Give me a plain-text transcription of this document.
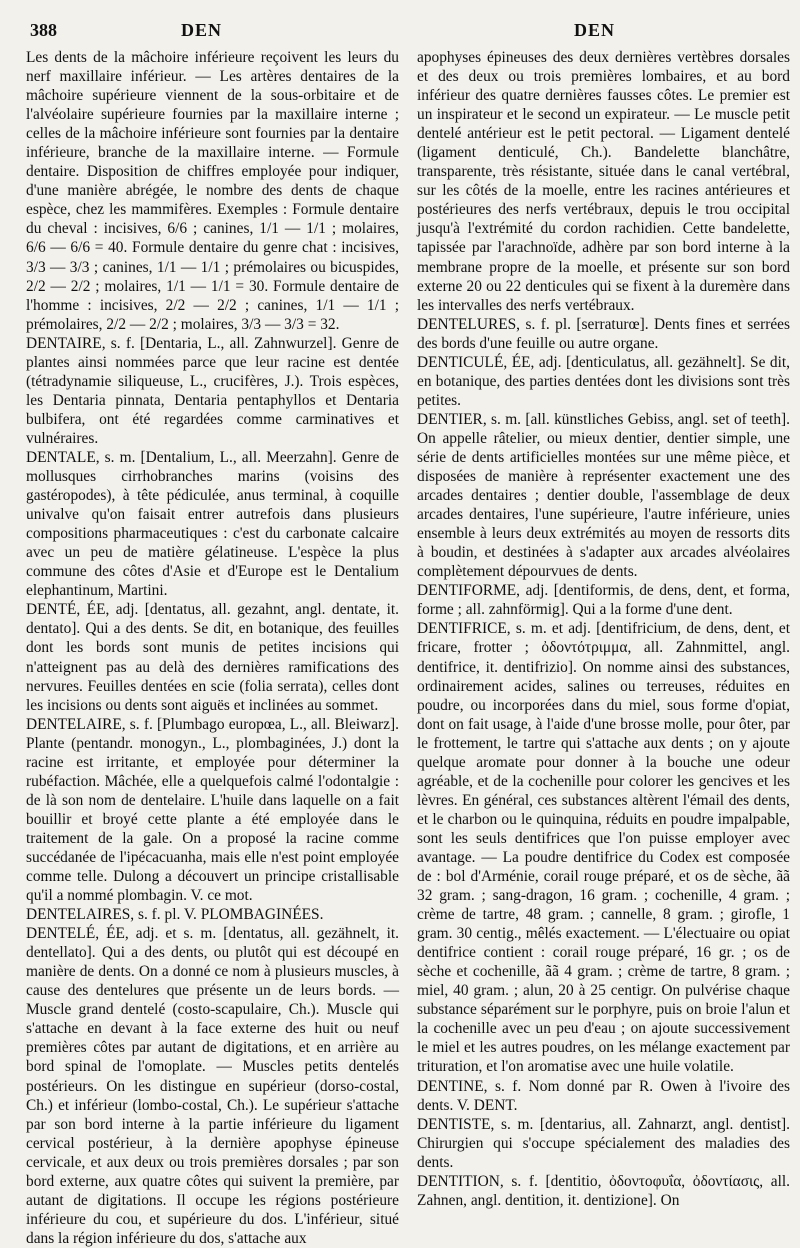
388	DEN	DEN

Les dents de la mâchoire inférieure reçoivent les leurs du nerf maxillaire inférieur. — Les artères dentaires de la mâchoire supérieure viennent de la sous-orbitaire et de l'alvéolaire supérieure fournies par la maxillaire interne ; celles de la mâchoire inférieure sont fournies par la dentaire inférieure, branche de la maxillaire interne. — Formule dentaire. Disposition de chiffres employée pour indiquer, d'une manière abrégée, le nombre des dents de chaque espèce, chez les mammifères. Exemples : Formule dentaire du cheval : incisives, 6/6 ; canines, 1/1 — 1/1 ; molaires, 6/6 — 6/6 = 40. Formule dentaire du genre chat : incisives, 3/3 — 3/3 ; canines, 1/1 — 1/1 ; prémolaires ou bicuspides, 2/2 — 2/2 ; molaires, 1/1 — 1/1 = 30. Formule dentaire de l'homme : incisives, 2/2 — 2/2 ; canines, 1/1 — 1/1 ; prémolaires, 2/2 — 2/2 ; molaires, 3/3 — 3/3 = 32.

DENTAIRE, s. f. [Dentaria, L., all. Zahnwurzel]. Genre de plantes ainsi nommées parce que leur racine est dentée (tétradynamie siliqueuse, L., crucifères, J.). Trois espèces, les Dentaria pinnata, Dentaria pentaphyllos et Dentaria bulbifera, ont été regardées comme carminatives et vulnéraires.

DENTALE, s. m. [Dentalium, L., all. Meerzahn]. Genre de mollusques cirrhobranches marins (voisins des gastéropodes), à tête pédiculée, anus terminal, à coquille univalve qu'on faisait entrer autrefois dans plusieurs compositions pharmaceutiques : c'est du carbonate calcaire avec un peu de matière gélatineuse. L'espèce la plus commune des côtes d'Asie et d'Europe est le Dentalium elephantinum, Martini.

DENTÉ, ÉE, adj. [dentatus, all. gezahnt, angl. dentate, it. dentato]. Qui a des dents. Se dit, en botanique, des feuilles dont les bords sont munis de petites incisions qui n'atteignent pas au delà des dernières ramifications des nervures. Feuilles dentées en scie (folia serrata), celles dont les incisions ou dents sont aiguës et inclinées au sommet.

DENTELAIRE, s. f. [Plumbago europœa, L., all. Bleiwarz]. Plante (pentandr. monogyn., L., plombaginées, J.) dont la racine est irritante, et employée pour déterminer la rubéfaction. Mâchée, elle a quelquefois calmé l'odontalgie : de là son nom de dentelaire. L'huile dans laquelle on a fait bouillir et broyé cette plante a été employée dans le traitement de la gale. On a proposé la racine comme succédanée de l'ipécacuanha, mais elle n'est point employée comme telle. Dulong a découvert un principe cristallisable qu'il a nommé plombagin. V. ce mot.

DENTELAIRES, s. f. pl. V. PLOMBAGINÉES.

DENTELÉ, ÉE, adj. et s. m. [dentatus, all. gezähnelt, it. dentellato]. Qui a des dents, ou plutôt qui est découpé en manière de dents. On a donné ce nom à plusieurs muscles, à cause des dentelures que présente un de leurs bords. — Muscle grand dentelé (costo-scapulaire, Ch.). Muscle qui s'attache en devant à la face externe des huit ou neuf premières côtes par autant de digitations, et en arrière au bord spinal de l'omoplate. — Muscles petits dentelés postérieurs. On les distingue en supérieur (dorso-costal, Ch.) et inférieur (lombo-costal, Ch.). Le supérieur s'attache par son bord interne à la partie inférieure du ligament cervical postérieur, à la dernière apophyse épineuse cervicale, et aux deux ou trois premières dorsales ; par son bord externe, aux quatre côtes qui suivent la première, par autant de digitations. Il occupe les régions postérieure inférieure du cou, et supérieure du dos. L'inférieur, situé dans la région inférieure du dos, s'attache aux

apophyses épineuses des deux dernières vertèbres dorsales et des deux ou trois premières lombaires, et au bord inférieur des quatre dernières fausses côtes. Le premier est un inspirateur et le second un expirateur. — Le muscle petit dentelé antérieur est le petit pectoral. — Ligament dentelé (ligament denticulé, Ch.). Bandelette blanchâtre, transparente, très résistante, située dans le canal vertébral, sur les côtés de la moelle, entre les racines antérieures et postérieures des nerfs vertébraux, depuis le trou occipital jusqu'à l'extrémité du cordon rachidien. Cette bandelette, tapissée par l'arachnoïde, adhère par son bord interne à la membrane propre de la moelle, et présente sur son bord externe 20 ou 22 denticules qui se fixent à la duremère dans les intervalles des nerfs vertébraux.

DENTELURES, s. f. pl. [serraturœ]. Dents fines et serrées des bords d'une feuille ou autre organe.

DENTICULÉ, ÉE, adj. [denticulatus, all. gezähnelt]. Se dit, en botanique, des parties dentées dont les divisions sont très petites.

DENTIER, s. m. [all. künstliches Gebiss, angl. set of teeth]. On appelle râtelier, ou mieux dentier, dentier simple, une série de dents artificielles montées sur une même pièce, et disposées de manière à représenter exactement une des arcades dentaires ; dentier double, l'assemblage de deux arcades dentaires, l'une supérieure, l'autre inférieure, unies ensemble à leurs deux extrémités au moyen de ressorts dits à boudin, et destinées à s'adapter aux arcades alvéolaires complètement dépourvues de dents.

DENTIFORME, adj. [dentiformis, de dens, dent, et forma, forme ; all. zahnförmig]. Qui a la forme d'une dent.

DENTIFRICE, s. m. et adj. [dentifricium, de dens, dent, et fricare, frotter ; ὀδοντότριμμα, all. Zahnmittel, angl. dentifrice, it. dentifrizio]. On nomme ainsi des substances, ordinairement acides, salines ou terreuses, réduites en poudre, ou incorporées dans du miel, sous forme d'opiat, dont on fait usage, à l'aide d'une brosse molle, pour ôter, par le frottement, le tartre qui s'attache aux dents ; on y ajoute quelque aromate pour donner à la bouche une odeur agréable, et de la cochenille pour colorer les gencives et les lèvres. En général, ces substances altèrent l'émail des dents, et le charbon ou le quinquina, réduits en poudre impalpable, sont les seuls dentifrices que l'on puisse employer avec avantage. — La poudre dentifrice du Codex est composée de : bol d'Arménie, corail rouge préparé, et os de sèche, ãã 32 gram. ; sang-dragon, 16 gram. ; cochenille, 4 gram. ; crème de tartre, 48 gram. ; cannelle, 8 gram. ; girofle, 1 gram. 30 centig., mêlés exactement. — L'électuaire ou opiat dentifrice contient : corail rouge préparé, 16 gr. ; os de sèche et cochenille, ãã 4 gram. ; crème de tartre, 8 gram. ; miel, 40 gram. ; alun, 20 à 25 centigr. On pulvérise chaque substance séparément sur le porphyre, puis on broie l'alun et la cochenille avec un peu d'eau ; on ajoute successivement le miel et les autres poudres, on les mélange exactement par trituration, et l'on aromatise avec une huile volatile.

DENTINE, s. f. Nom donné par R. Owen à l'ivoire des dents. V. DENT.

DENTISTE, s. m. [dentarius, all. Zahnarzt, angl. dentist]. Chirurgien qui s'occupe spécialement des maladies des dents.

DENTITION, s. f. [dentitio, ὀδοντοφυΐα, ὀδοντίασις, all. Zahnen, angl. dentition, it. dentizione]. On
